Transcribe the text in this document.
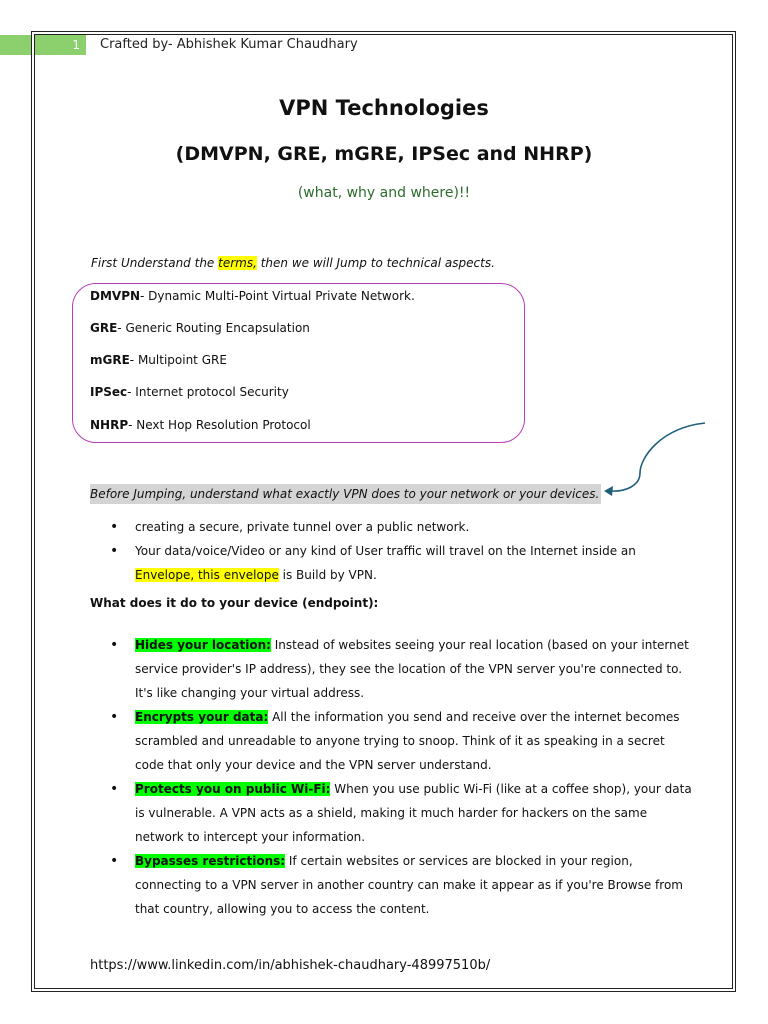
1	Crafted by- Abhishek Kumar Chaudhary
VPN Technologies
(DMVPN, GRE, mGRE, IPSec and NHRP)
(what, why and where)!!
First Understand the terms, then we will Jump to technical aspects.
DMVPN- Dynamic Multi-Point Virtual Private Network.
GRE- Generic Routing Encapsulation
mGRE- Multipoint GRE
IPSec- Internet protocol Security
NHRP- Next Hop Resolution Protocol
Before Jumping, understand what exactly VPN does to your network or your devices.
• creating a secure, private tunnel over a public network.
• Your data/voice/Video or any kind of User traffic will travel on the Internet inside an
Envelope, this envelope is Build by VPN.
What does it do to your device (endpoint):
• Hides your location: Instead of websites seeing your real location (based on your internet service provider's IP address), they see the location of the VPN server you're connected to. It's like changing your virtual address.
• Encrypts your data: All the information you send and receive over the internet becomes scrambled and unreadable to anyone trying to snoop. Think of it as speaking in a secret code that only your device and the VPN server understand.
• Protects you on public Wi-Fi: When you use public Wi-Fi (like at a coffee shop), your data is vulnerable. A VPN acts as a shield, making it much harder for hackers on the same network to intercept your information.
• Bypasses restrictions: If certain websites or services are blocked in your region, connecting to a VPN server in another country can make it appear as if you're Browse from that country, allowing you to access the content.
https://www.linkedin.com/in/abhishek-chaudhary-48997510b/
